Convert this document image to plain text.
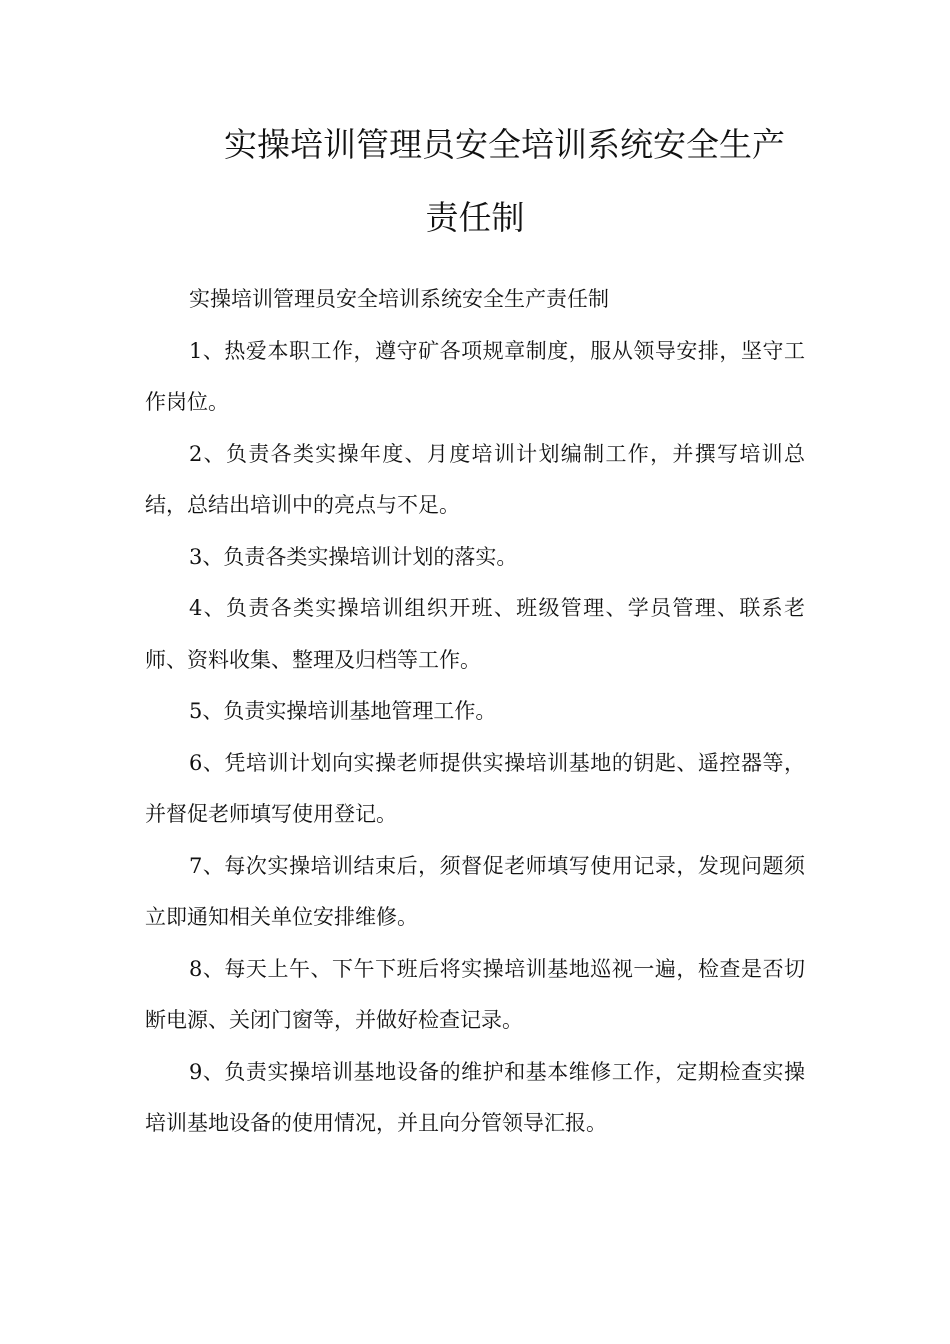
实操培训管理员安全培训系统安全生产
责任制

实操培训管理员安全培训系统安全生产责任制

1、热爱本职工作，遵守矿各项规章制度，服从领导安排，坚守工作岗位。

2、负责各类实操年度、月度培训计划编制工作，并撰写培训总结，总结出培训中的亮点与不足。

3、负责各类实操培训计划的落实。

4、负责各类实操培训组织开班、班级管理、学员管理、联系老师、资料收集、整理及归档等工作。

5、负责实操培训基地管理工作。

6、凭培训计划向实操老师提供实操培训基地的钥匙、遥控器等，并督促老师填写使用登记。

7、每次实操培训结束后，须督促老师填写使用记录，发现问题须立即通知相关单位安排维修。

8、每天上午、下午下班后将实操培训基地巡视一遍，检查是否切断电源、关闭门窗等，并做好检查记录。

9、负责实操培训基地设备的维护和基本维修工作，定期检查实操培训基地设备的使用情况，并且向分管领导汇报。
